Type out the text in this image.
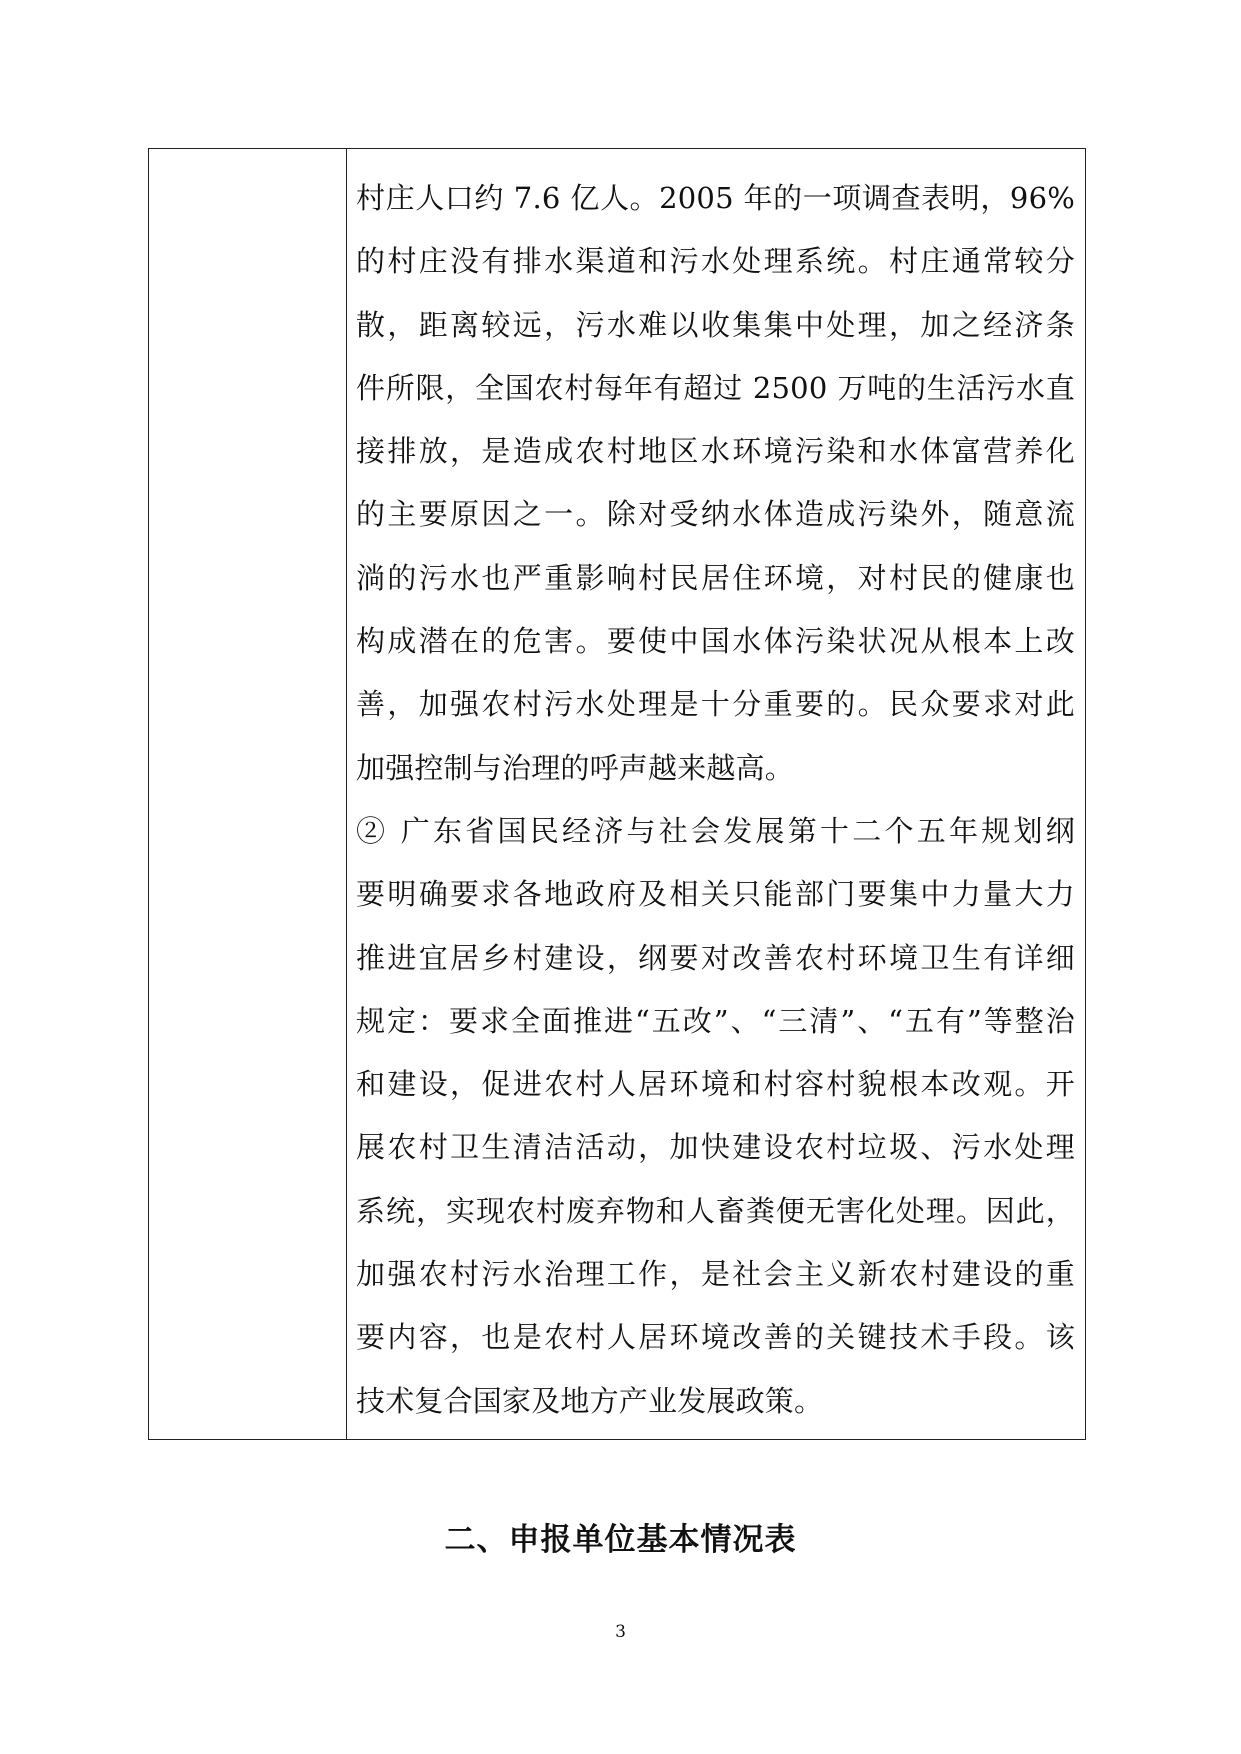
村庄人口约 7.6 亿人。2005 年的一项调查表明，96%
的村庄没有排水渠道和污水处理系统。村庄通常较分
散，距离较远，污水难以收集集中处理，加之经济条
件所限，全国农村每年有超过 2500 万吨的生活污水直
接排放，是造成农村地区水环境污染和水体富营养化
的主要原因之一。除对受纳水体造成污染外，随意流
淌的污水也严重影响村民居住环境，对村民的健康也
构成潜在的危害。要使中国水体污染状况从根本上改
善，加强农村污水处理是十分重要的。民众要求对此
加强控制与治理的呼声越来越高。
② 广东省国民经济与社会发展第十二个五年规划纲
要明确要求各地政府及相关只能部门要集中力量大力
推进宜居乡村建设，纲要对改善农村环境卫生有详细
规定：要求全面推进“五改”、“三清”、“五有”等整治
和建设，促进农村人居环境和村容村貌根本改观。开
展农村卫生清洁活动，加快建设农村垃圾、污水处理
系统，实现农村废弃物和人畜粪便无害化处理。因此，
加强农村污水治理工作，是社会主义新农村建设的重
要内容，也是农村人居环境改善的关键技术手段。该
技术复合国家及地方产业发展政策。
二、申报单位基本情况表
3
